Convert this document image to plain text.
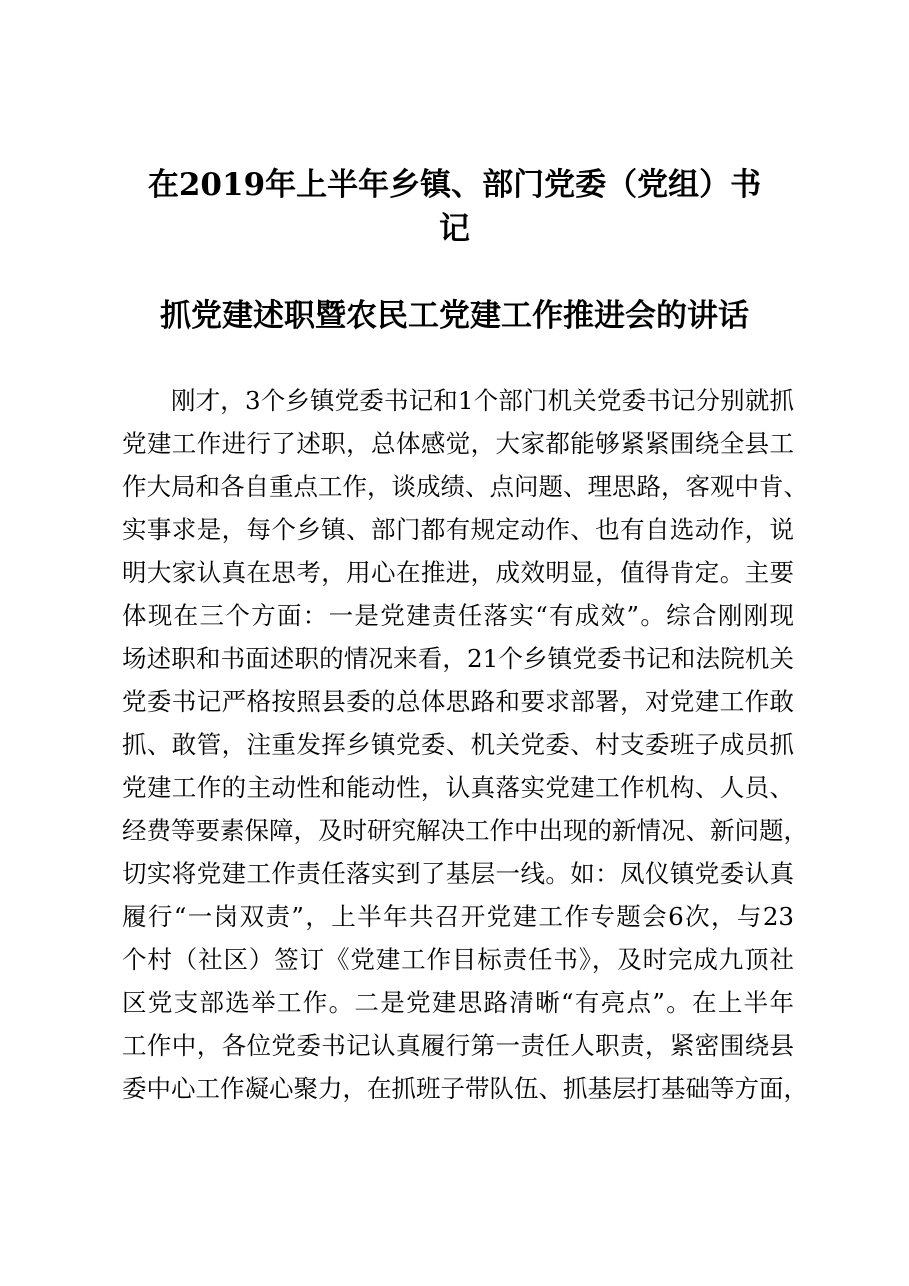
在2019年上半年乡镇、部门党委（党组）书
记
抓党建述职暨农民工党建工作推进会的讲话
刚才，3个乡镇党委书记和1个部门机关党委书记分别就抓
党建工作进行了述职，总体感觉，大家都能够紧紧围绕全县工
作大局和各自重点工作，谈成绩、点问题、理思路，客观中肯、
实事求是，每个乡镇、部门都有规定动作、也有自选动作，说
明大家认真在思考，用心在推进，成效明显，值得肯定。主要
体现在三个方面：一是党建责任落实“有成效”。综合刚刚现
场述职和书面述职的情况来看，21个乡镇党委书记和法院机关
党委书记严格按照县委的总体思路和要求部署，对党建工作敢
抓、敢管，注重发挥乡镇党委、机关党委、村支委班子成员抓
党建工作的主动性和能动性，认真落实党建工作机构、人员、
经费等要素保障，及时研究解决工作中出现的新情况、新问题，
切实将党建工作责任落实到了基层一线。如：凤仪镇党委认真
履行“一岗双责”，上半年共召开党建工作专题会6次，与23
个村（社区）签订《党建工作目标责任书》，及时完成九顶社
区党支部选举工作。二是党建思路清晰“有亮点”。在上半年
工作中，各位党委书记认真履行第一责任人职责，紧密围绕县
委中心工作凝心聚力，在抓班子带队伍、抓基层打基础等方面，
